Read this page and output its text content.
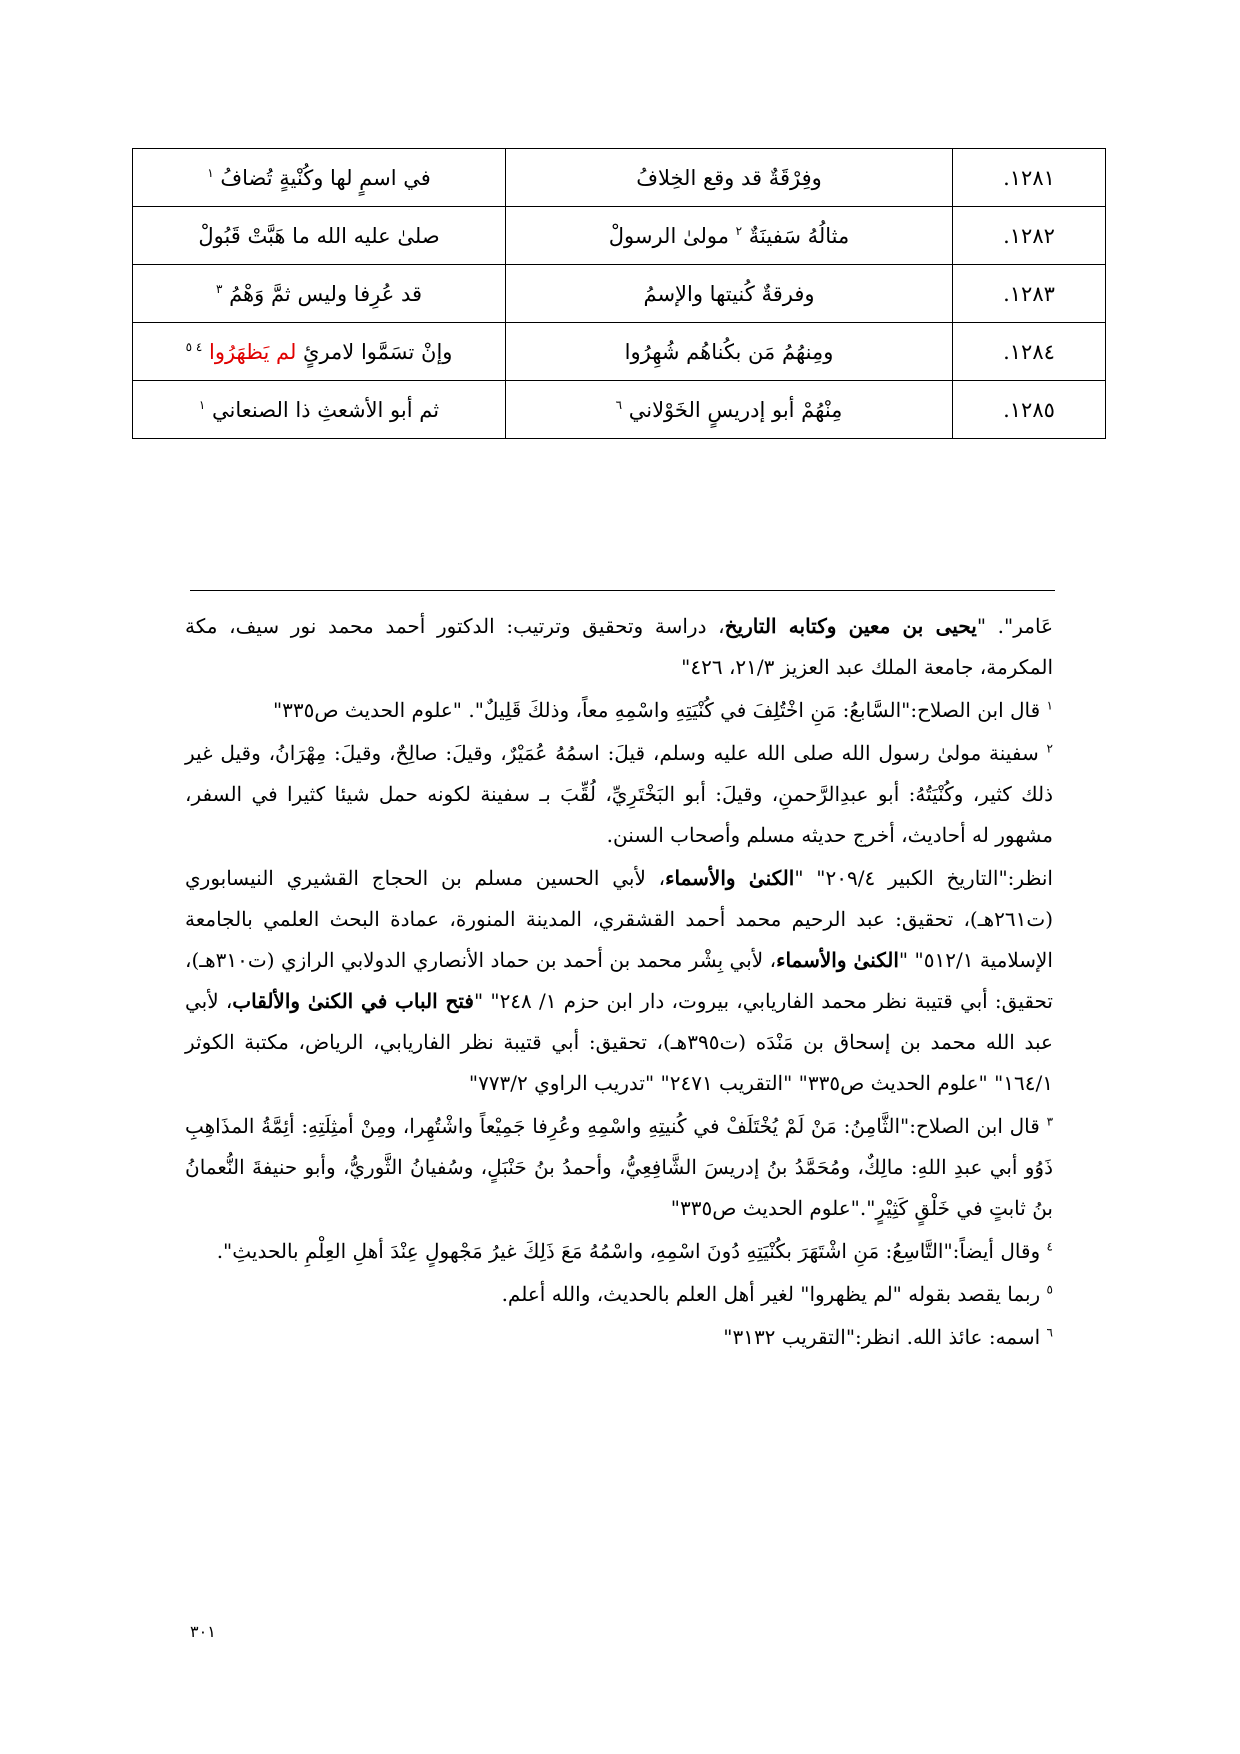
١٢٨١.	وفِرْقَةٌ قد وقع الخِلافُ	في اسمٍ لها وكُنْيةٍ تُضافُ $^١$
١٢٨٢.	مثالُهُ سَفينَةٌ $^٢$ مولىٰ الرسولْ	صلىٰ عليه الله ما هَبَّتْ قَبُولْ
١٢٨٣.	وفرقةٌ كُنيتها والإسمُ	قد عُرِفا وليس ثمَّ وَهْمُ $^٣$
١٢٨٤.	ومِنهُمُ مَن بكُناهُم شُهِرُوا	وإنْ تسَمَّوا لامرئٍ لم يَظهَرُوا $^{٤ ٥}$
١٢٨٥.	مِنْهُمْ أبو إدريسٍ الخَوْلاني $^٦$	ثم أبو الأشعثِ ذا الصنعاني $^١$

عَامر". "يحيى بن معين وكتابه التاريخ، دراسة وتحقيق وترتيب: الدكتور أحمد محمد نور سيف، مكة المكرمة، جامعة الملك عبد العزيز ٢١/٣، ٤٢٦"

$^١$ قال ابن الصلاح:"السَّابعُ: مَنِ اخْتُلِفَ في كُنْيَتِهِ واسْمِهِ معاً، وذلكَ قَلِيلٌ". "علوم الحديث ص٣٣٥"

$^٢$ سفينة مولىٰ رسول الله صلى الله عليه وسلم، قيلَ: اسمُهُ عُمَيْرٌ، وقيلَ: صالِحٌ، وقيلَ: مِهْرَانُ، وقيل غير ذلك كثير، وكُنْيَتُهُ: أبو عبدِالرَّحمنِ، وقيلَ: أبو البَخْتَرِيِّ، لُقِّبَ بـ سفينة لكونه حمل شيئا كثيرا في السفر، مشهور له أحاديث، أخرج حديثه مسلم وأصحاب السنن.

انظر:"التاريخ الكبير ٢٠٩/٤" "الكنىٰ والأسماء، لأبي الحسين مسلم بن الحجاج القشيري النيسابوري (ت٢٦١هـ)، تحقيق: عبد الرحيم محمد أحمد القشقري، المدينة المنورة، عمادة البحث العلمي بالجامعة الإسلامية ٥١٢/١" "الكنىٰ والأسماء، لأبي بِشْر محمد بن أحمد بن حماد الأنصاري الدولابي الرازي (ت٣١٠هـ)، تحقيق: أبي قتيبة نظر محمد الفاريابي، بيروت، دار ابن حزم ١/ ٢٤٨" "فتح الباب في الكنىٰ والألقاب، لأبي عبد الله محمد بن إسحاق بن مَنْدَه (ت٣٩٥هـ)، تحقيق: أبي قتيبة نظر الفاريابي، الرياض، مكتبة الكوثر ١٦٤/١" "علوم الحديث ص٣٣٥" "التقريب ٢٤٧١" "تدريب الراوي ٧٧٣/٢"

$^٣$ قال ابن الصلاح:"الثَّامِنُ: مَنْ لَمْ يُخْتَلَفْ في كُنيتِهِ واسْمِهِ وعُرِفا جَمِيْعاً واشْتُهِرا، ومِنْ أمثِلَتِهِ: أئِمَّةُ المذَاهِبِ ذَوُو أبي عبدِ اللهِ: مالِكٌ، ومُحَمَّدُ بنُ إدريسَ الشَّافِعِيُّ، وأحمدُ بنُ حَنْبَلٍ، وسُفيانُ الثَّوريُّ، وأبو حنيفةَ النُّعمانُ بنُ ثابتٍ في خَلْقٍ كَثِيْرٍ"."علوم الحديث ص٣٣٥"

$^٤$ وقال أيضاً:"التَّاسِعُ: مَنِ اشْتَهَرَ بكُنْيَتِهِ دُونَ اسْمِهِ، واسْمُهُ مَعَ ذَلِكَ غيرُ مَجْهولٍ عِنْدَ أهلِ العِلْمِ بالحديثِ".

$^٥$ ربما يقصد بقوله "لم يظهروا" لغير أهل العلم بالحديث، والله أعلم.

$^٦$ اسمه: عائذ الله. انظر:"التقريب ٣١٣٢"

٣٠١
